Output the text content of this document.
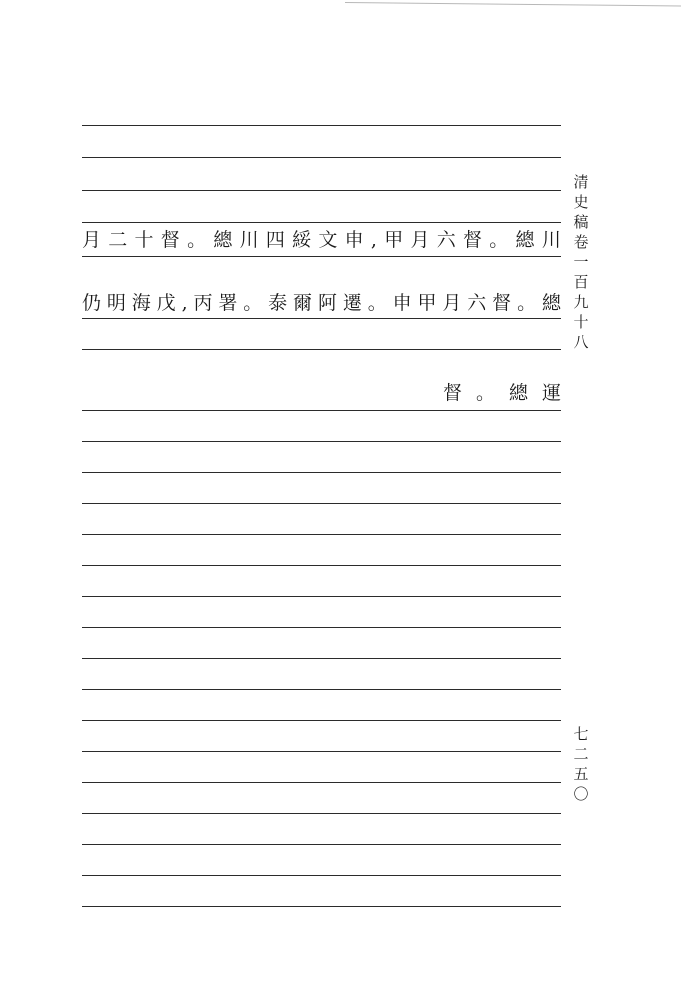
月 二 十 督 。 總 川 四 綏 文 申 , 甲 月 六 督 。 總 川
仍 明 海 戊 , 丙 署 。 泰 爾 阿 遷 。 申 甲 月 六 督 。 總
督 。 總 運
清
史
稿
卷
一
百
九
十
八
七
二
五
〇
